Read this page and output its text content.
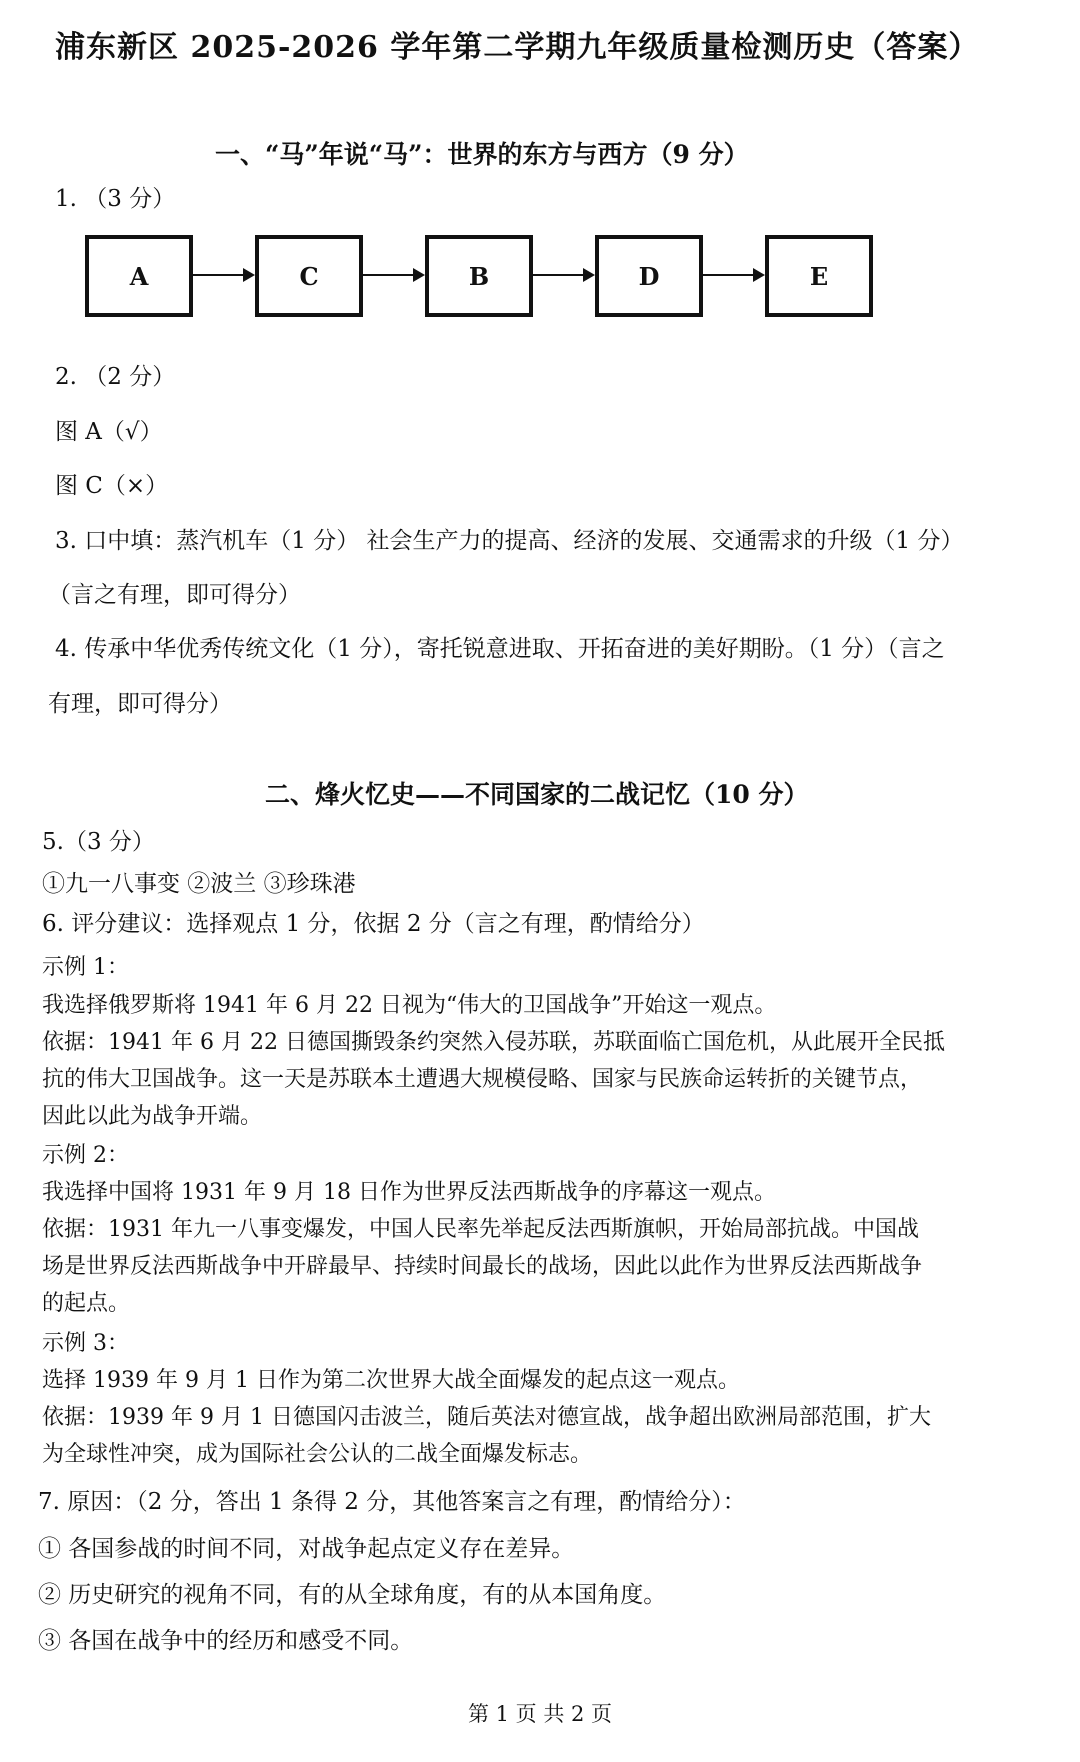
浦东新区 2025-2026 学年第二学期九年级质量检测历史（答案）
一、“马”年说“马”：世界的东方与西方（9 分）
1. （3 分）
A	C	B	D	E
2. （2 分）
图 A（√）
图 C（×）
3. 口中填：蒸汽机车（1 分） 社会生产力的提高、经济的发展、交通需求的升级（1 分）
（言之有理，即可得分）
4. 传承中华优秀传统文化（1 分），寄托锐意进取、开拓奋进的美好期盼。（1 分）（言之
有理，即可得分）
二、烽火忆史——不同国家的二战记忆（10 分）
5.（3 分）
①九一八事变 ②波兰 ③珍珠港
6. 评分建议：选择观点 1 分，依据 2 分（言之有理，酌情给分）
示例 1：
我选择俄罗斯将 1941 年 6 月 22 日视为“伟大的卫国战争”开始这一观点。
依据：1941 年 6 月 22 日德国撕毁条约突然入侵苏联，苏联面临亡国危机，从此展开全民抵
抗的伟大卫国战争。这一天是苏联本土遭遇大规模侵略、国家与民族命运转折的关键节点，
因此以此为战争开端。
示例 2：
我选择中国将 1931 年 9 月 18 日作为世界反法西斯战争的序幕这一观点。
依据：1931 年九一八事变爆发，中国人民率先举起反法西斯旗帜，开始局部抗战。中国战
场是世界反法西斯战争中开辟最早、持续时间最长的战场，因此以此作为世界反法西斯战争
的起点。
示例 3：
选择 1939 年 9 月 1 日作为第二次世界大战全面爆发的起点这一观点。
依据：1939 年 9 月 1 日德国闪击波兰，随后英法对德宣战，战争超出欧洲局部范围，扩大
为全球性冲突，成为国际社会公认的二战全面爆发标志。
7. 原因：（2 分，答出 1 条得 2 分，其他答案言之有理，酌情给分）：
① 各国参战的时间不同，对战争起点定义存在差异。
② 历史研究的视角不同，有的从全球角度，有的从本国角度。
③ 各国在战争中的经历和感受不同。
第 1 页 共 2 页
